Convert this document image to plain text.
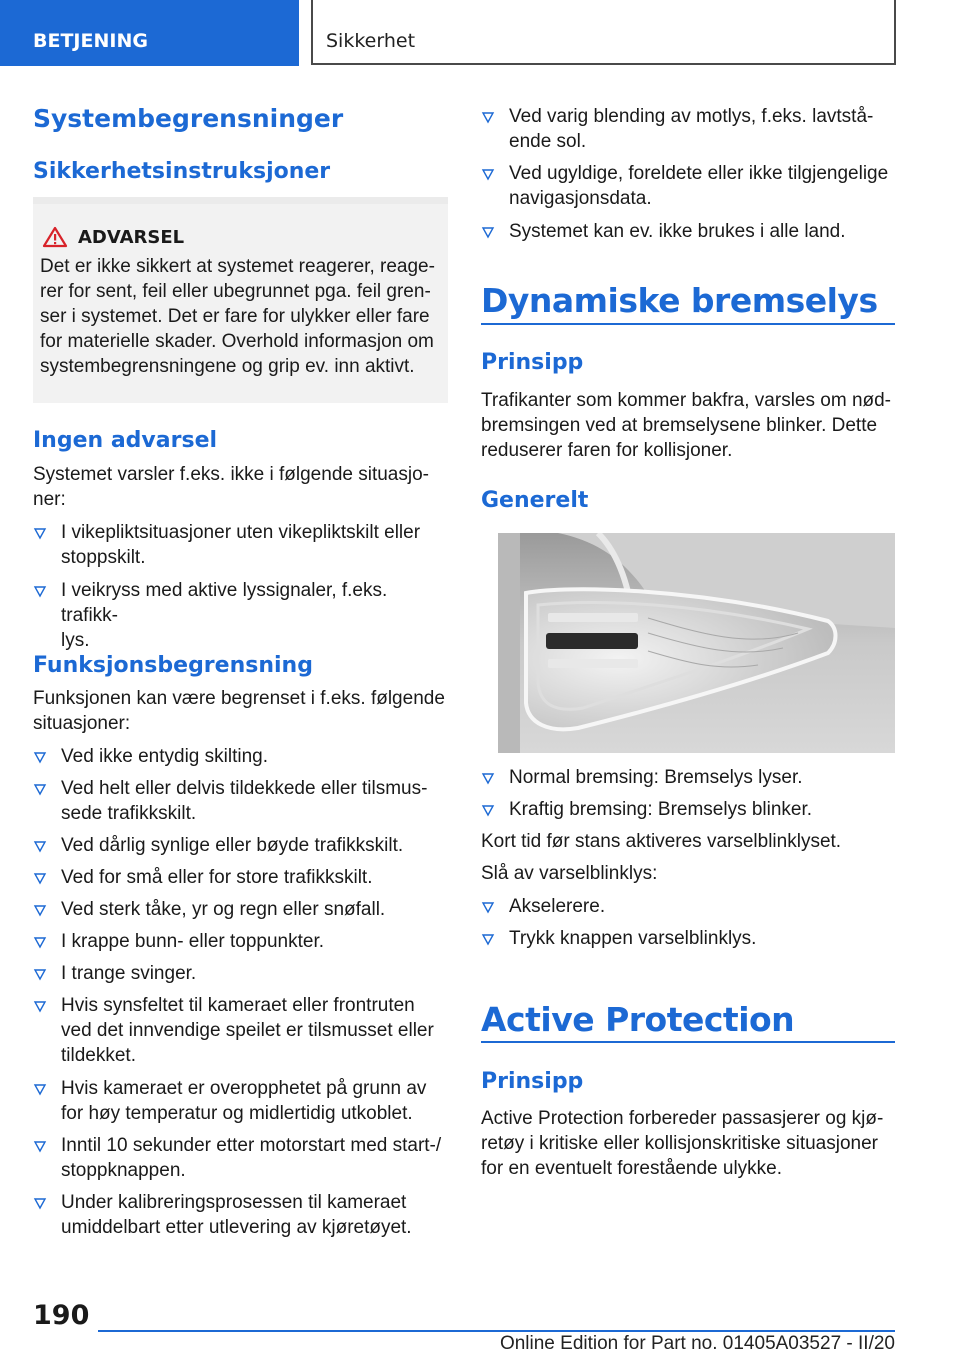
BETJENING	Sikkerhet
Systembegrensninger
Sikkerhetsinstruksjoner
ADVARSEL

Det er ikke sikkert at systemet reagerer, reage-
rer for sent, feil eller ubegrunnet pga. feil gren-
ser i systemet. Det er fare for ulykker eller fare
for materielle skader. Overhold informasjon om
systembegrensningene og grip ev. inn aktivt.

Ingen advarsel

Systemet varsler f.eks. ikke i følgende situasjo-
ner:

I vikepliktsituasjoner uten vikepliktskilt eller
stoppskilt.
I veikryss med aktive lyssignaler, f.eks. trafikk-
lys.
Funksjonsbegrensning

Funksjonen kan være begrenset i f.eks. følgende
situasjoner:

Ved ikke entydig skilting.
Ved helt eller delvis tildekkede eller tilsmus-
sede trafikkskilt.
Ved dårlig synlige eller bøyde trafikkskilt.
Ved for små eller for store trafikkskilt.
Ved sterk tåke, yr og regn eller snøfall.
I krappe bunn- eller toppunkter.
I trange svinger.
Hvis synsfeltet til kameraet eller frontruten
ved det innvendige speilet er tilsmusset eller
tildekket.
Hvis kameraet er overopphetet på grunn av
for høy temperatur og midlertidig utkoblet.
Inntil 10 sekunder etter motorstart med start-/
stoppknappen.
Under kalibreringsprosessen til kameraet
umiddelbart etter utlevering av kjøretøyet.
Ved varig blending av motlys, f.eks. lavtstå-
ende sol.
Ved ugyldige, foreldete eller ikke tilgjengelige
navigasjonsdata.
Systemet kan ev. ikke brukes i alle land.
Dynamiske bremselys
Prinsipp

Trafikanter som kommer bakfra, varsles om nød-
bremsingen ved at bremselysene blinker. Dette
reduserer faren for kollisjoner.

Generelt
Normal bremsing: Bremselys lyser.
Kraftig bremsing: Bremselys blinker.

Kort tid før stans aktiveres varselblinklyset.

Slå av varselblinklys:

Akselerere.
Trykk knappen varselblinklys.
Active Protection
Prinsipp

Active Protection forbereder passasjerer og kjø-
retøy i kritiske eller kollisjonskritiske situasjoner
for en eventuelt forestående ulykke.

190
Online Edition for Part no. 01405A03527 - II/20
